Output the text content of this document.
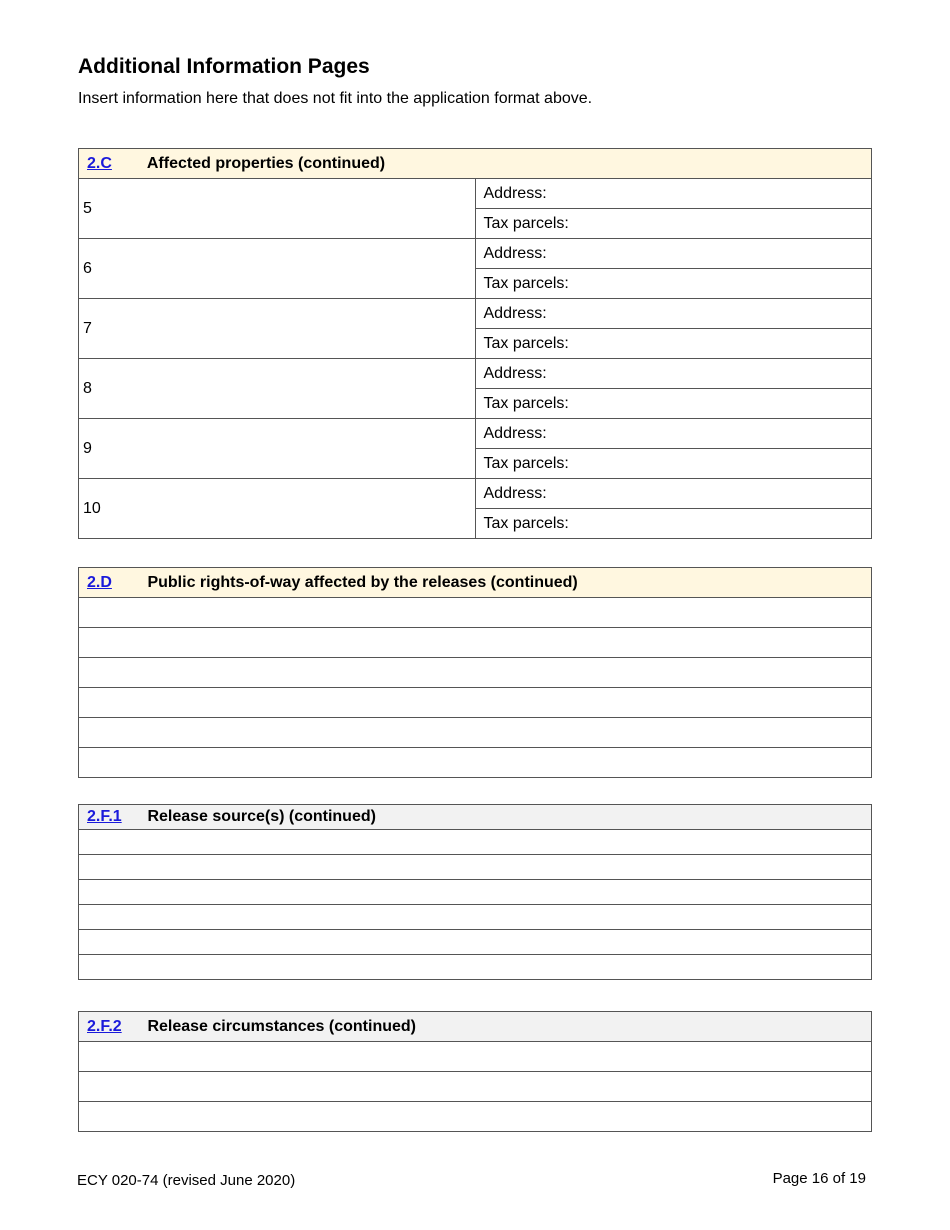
Additional Information Pages

Insert information here that does not fit into the application format above.

2.C Affected properties (continued)	
5	Address:
	Tax parcels:
6	Address:
	Tax parcels:
7	Address:
	Tax parcels:
8	Address:
	Tax parcels:
9	Address:
	Tax parcels:
10	Address:
	Tax parcels:
2.D Public rights-of-way affected by the releases (continued)

2.F.1 Release source(s) (continued)

2.F.2 Release circumstances (continued)

ECY 020-74 (revised June 2020)	Page 16 of 19
